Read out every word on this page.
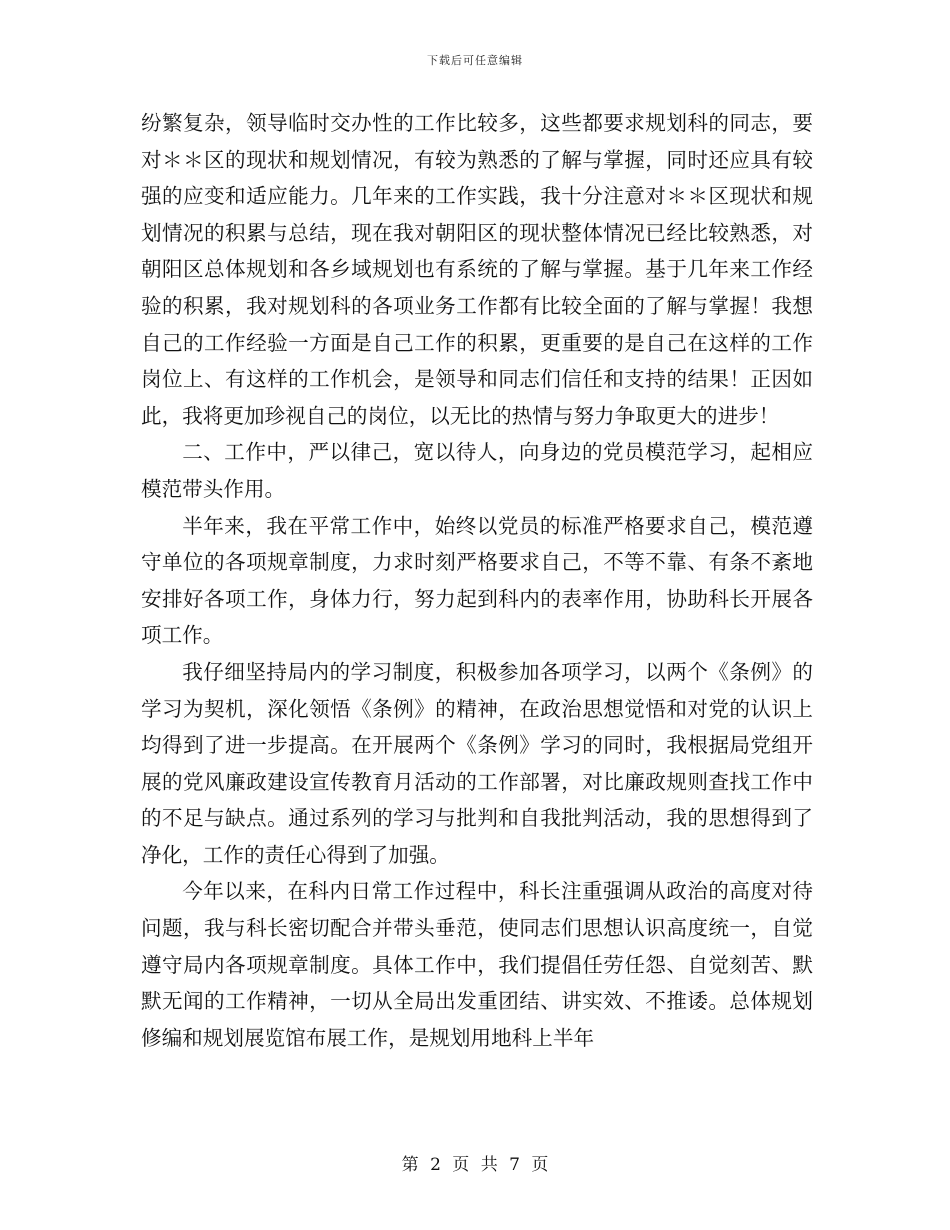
下载后可任意编辑

纷繁复杂，领导临时交办性的工作比较多，这些都要求规划科的同志，要对＊＊区的现状和规划情况，有较为熟悉的了解与掌握，同时还应具有较强的应变和适应能力。几年来的工作实践，我十分注意对＊＊区现状和规划情况的积累与总结，现在我对朝阳区的现状整体情况已经比较熟悉，对朝阳区总体规划和各乡域规划也有系统的了解与掌握。基于几年来工作经验的积累，我对规划科的各项业务工作都有比较全面的了解与掌握！我想自己的工作经验一方面是自己工作的积累，更重要的是自己在这样的工作岗位上、有这样的工作机会，是领导和同志们信任和支持的结果！正因如此，我将更加珍视自己的岗位，以无比的热情与努力争取更大的进步！

二、工作中，严以律己，宽以待人，向身边的党员模范学习，起相应模范带头作用。

半年来，我在平常工作中，始终以党员的标准严格要求自己，模范遵守单位的各项规章制度，力求时刻严格要求自己，不等不靠、有条不紊地安排好各项工作，身体力行，努力起到科内的表率作用，协助科长开展各项工作。

我仔细坚持局内的学习制度，积极参加各项学习，以两个《条例》的学习为契机，深化领悟《条例》的精神，在政治思想觉悟和对党的认识上均得到了进一步提高。在开展两个《条例》学习的同时，我根据局党组开展的党风廉政建设宣传教育月活动的工作部署，对比廉政规则查找工作中的不足与缺点。通过系列的学习与批判和自我批判活动，我的思想得到了净化，工作的责任心得到了加强。

今年以来，在科内日常工作过程中，科长注重强调从政治的高度对待问题，我与科长密切配合并带头垂范，使同志们思想认识高度统一，自觉遵守局内各项规章制度。具体工作中，我们提倡任劳任怨、自觉刻苦、默默无闻的工作精神，一切从全局出发重团结、讲实效、不推诿。总体规划修编和规划展览馆布展工作，是规划用地科上半年

第 2 页 共 7 页
